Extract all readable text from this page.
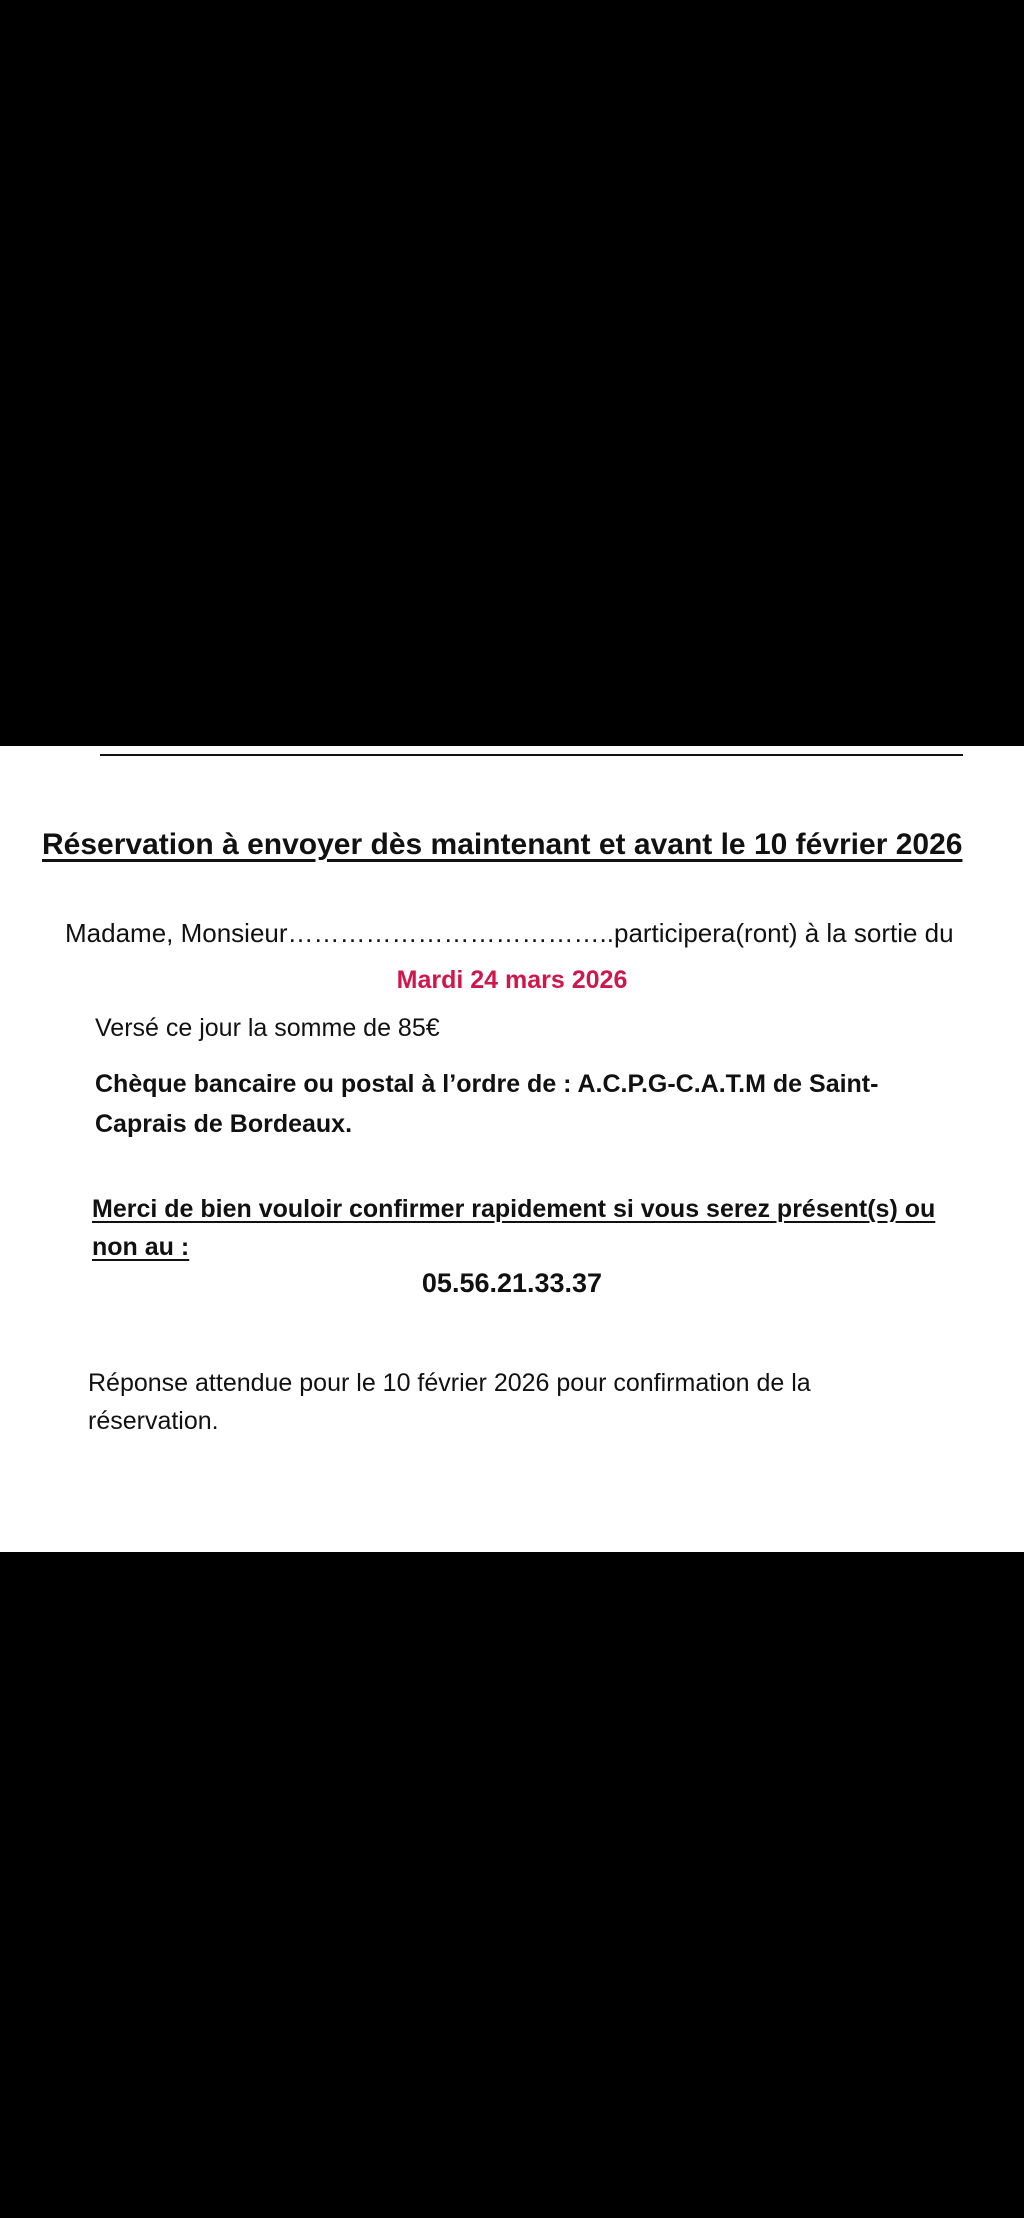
Réservation à envoyer dès maintenant et avant le 10 février 2026
Madame, Monsieur………………………………..participera(ront) à la sortie du
Mardi 24 mars 2026
Versé ce jour la somme de 85€
Chèque bancaire ou postal à l’ordre de : A.C.P.G-C.A.T.M de Saint-Caprais de Bordeaux.
Merci de bien vouloir confirmer rapidement si vous serez présent(s) ou non au :
05.56.21.33.37
Réponse attendue pour le 10 février 2026 pour confirmation de la réservation.
